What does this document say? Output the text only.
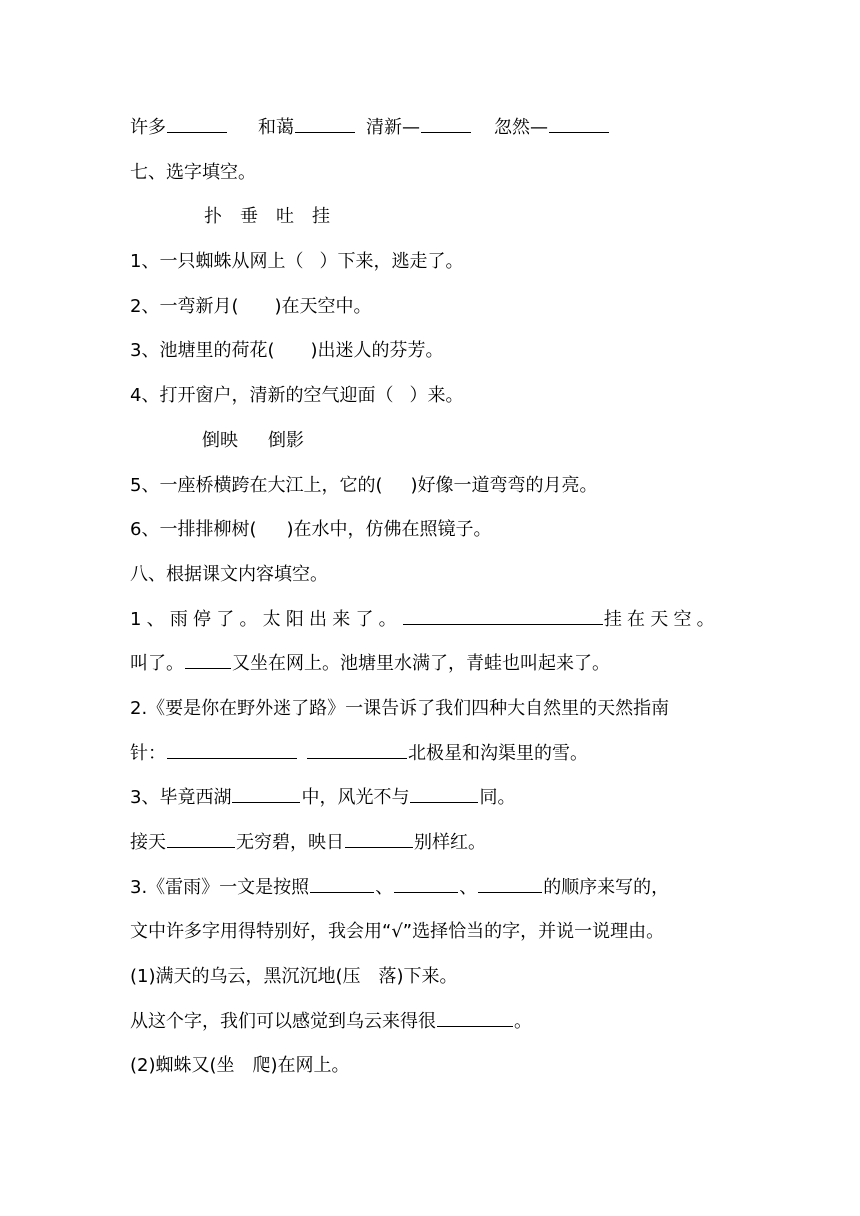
许多	和蔼	清新—	忽然—
七、选字填空。
扑 垂 吐 挂
1、一只蜘蛛从网上（ ）下来，逃走了。
2、一弯新月( )在天空中。
3、池塘里的荷花( )出迷人的芬芳。
4、打开窗户，清新的空气迎面（ ）来。
倒映 倒影
5、一座桥横跨在大江上，它的( )好像一道弯弯的月亮。
6、一排排柳树( )在水中，仿佛在照镜子。
八、根据课文内容填空。
1、雨停了。太阳出来了。	挂在天空。
叫了。	又坐在网上。池塘里水满了，青蛙也叫起来了。
2.《要是你在野外迷了路》一课告诉了我们四种大自然里的天然指南
针：	北极星和沟渠里的雪。
3、毕竟西湖	中，风光不与	同。
接天	无穷碧，映日	别样红。
3.《雷雨》一文是按照	、	、	的顺序来写的，
文中许多字用得特别好，我会用“√”选择恰当的字，并说一说理由。
(1)满天的乌云，黑沉沉地(压　落)下来。
从这个字，我们可以感觉到乌云来得很	。
(2)蜘蛛又(坐　爬)在网上。
